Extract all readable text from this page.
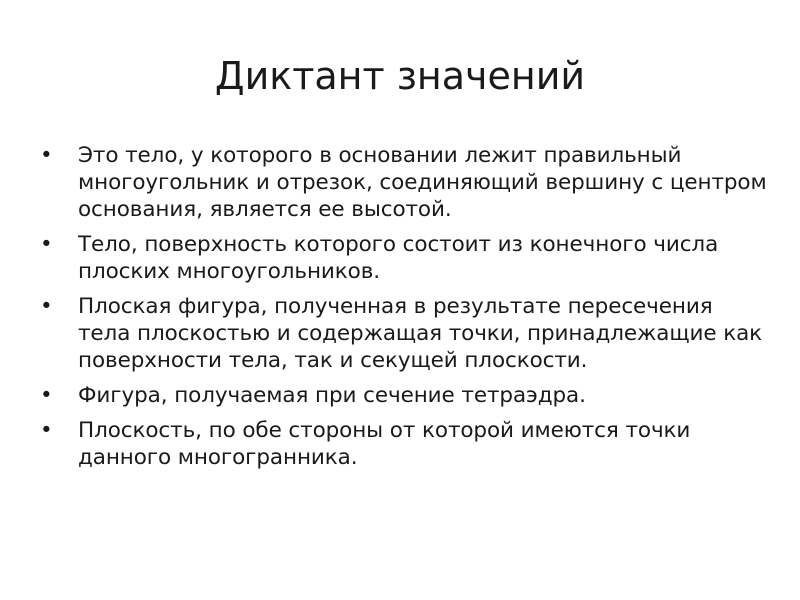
Диктант значений
•	Это тело, у которого в основании лежит правильный многоугольник и отрезок, соединяющий вершину с центром основания, является ее высотой.
•	Тело, поверхность которого состоит из конечного числа плоских многоугольников.
•	Плоская фигура, полученная в результате пересечения тела плоскостью и содержащая точки, принадлежащие как поверхности тела, так и секущей плоскости.
•	Фигура, получаемая при сечение тетраэдра.
•	Плоскость, по обе стороны от которой имеются точки данного многогранника.
